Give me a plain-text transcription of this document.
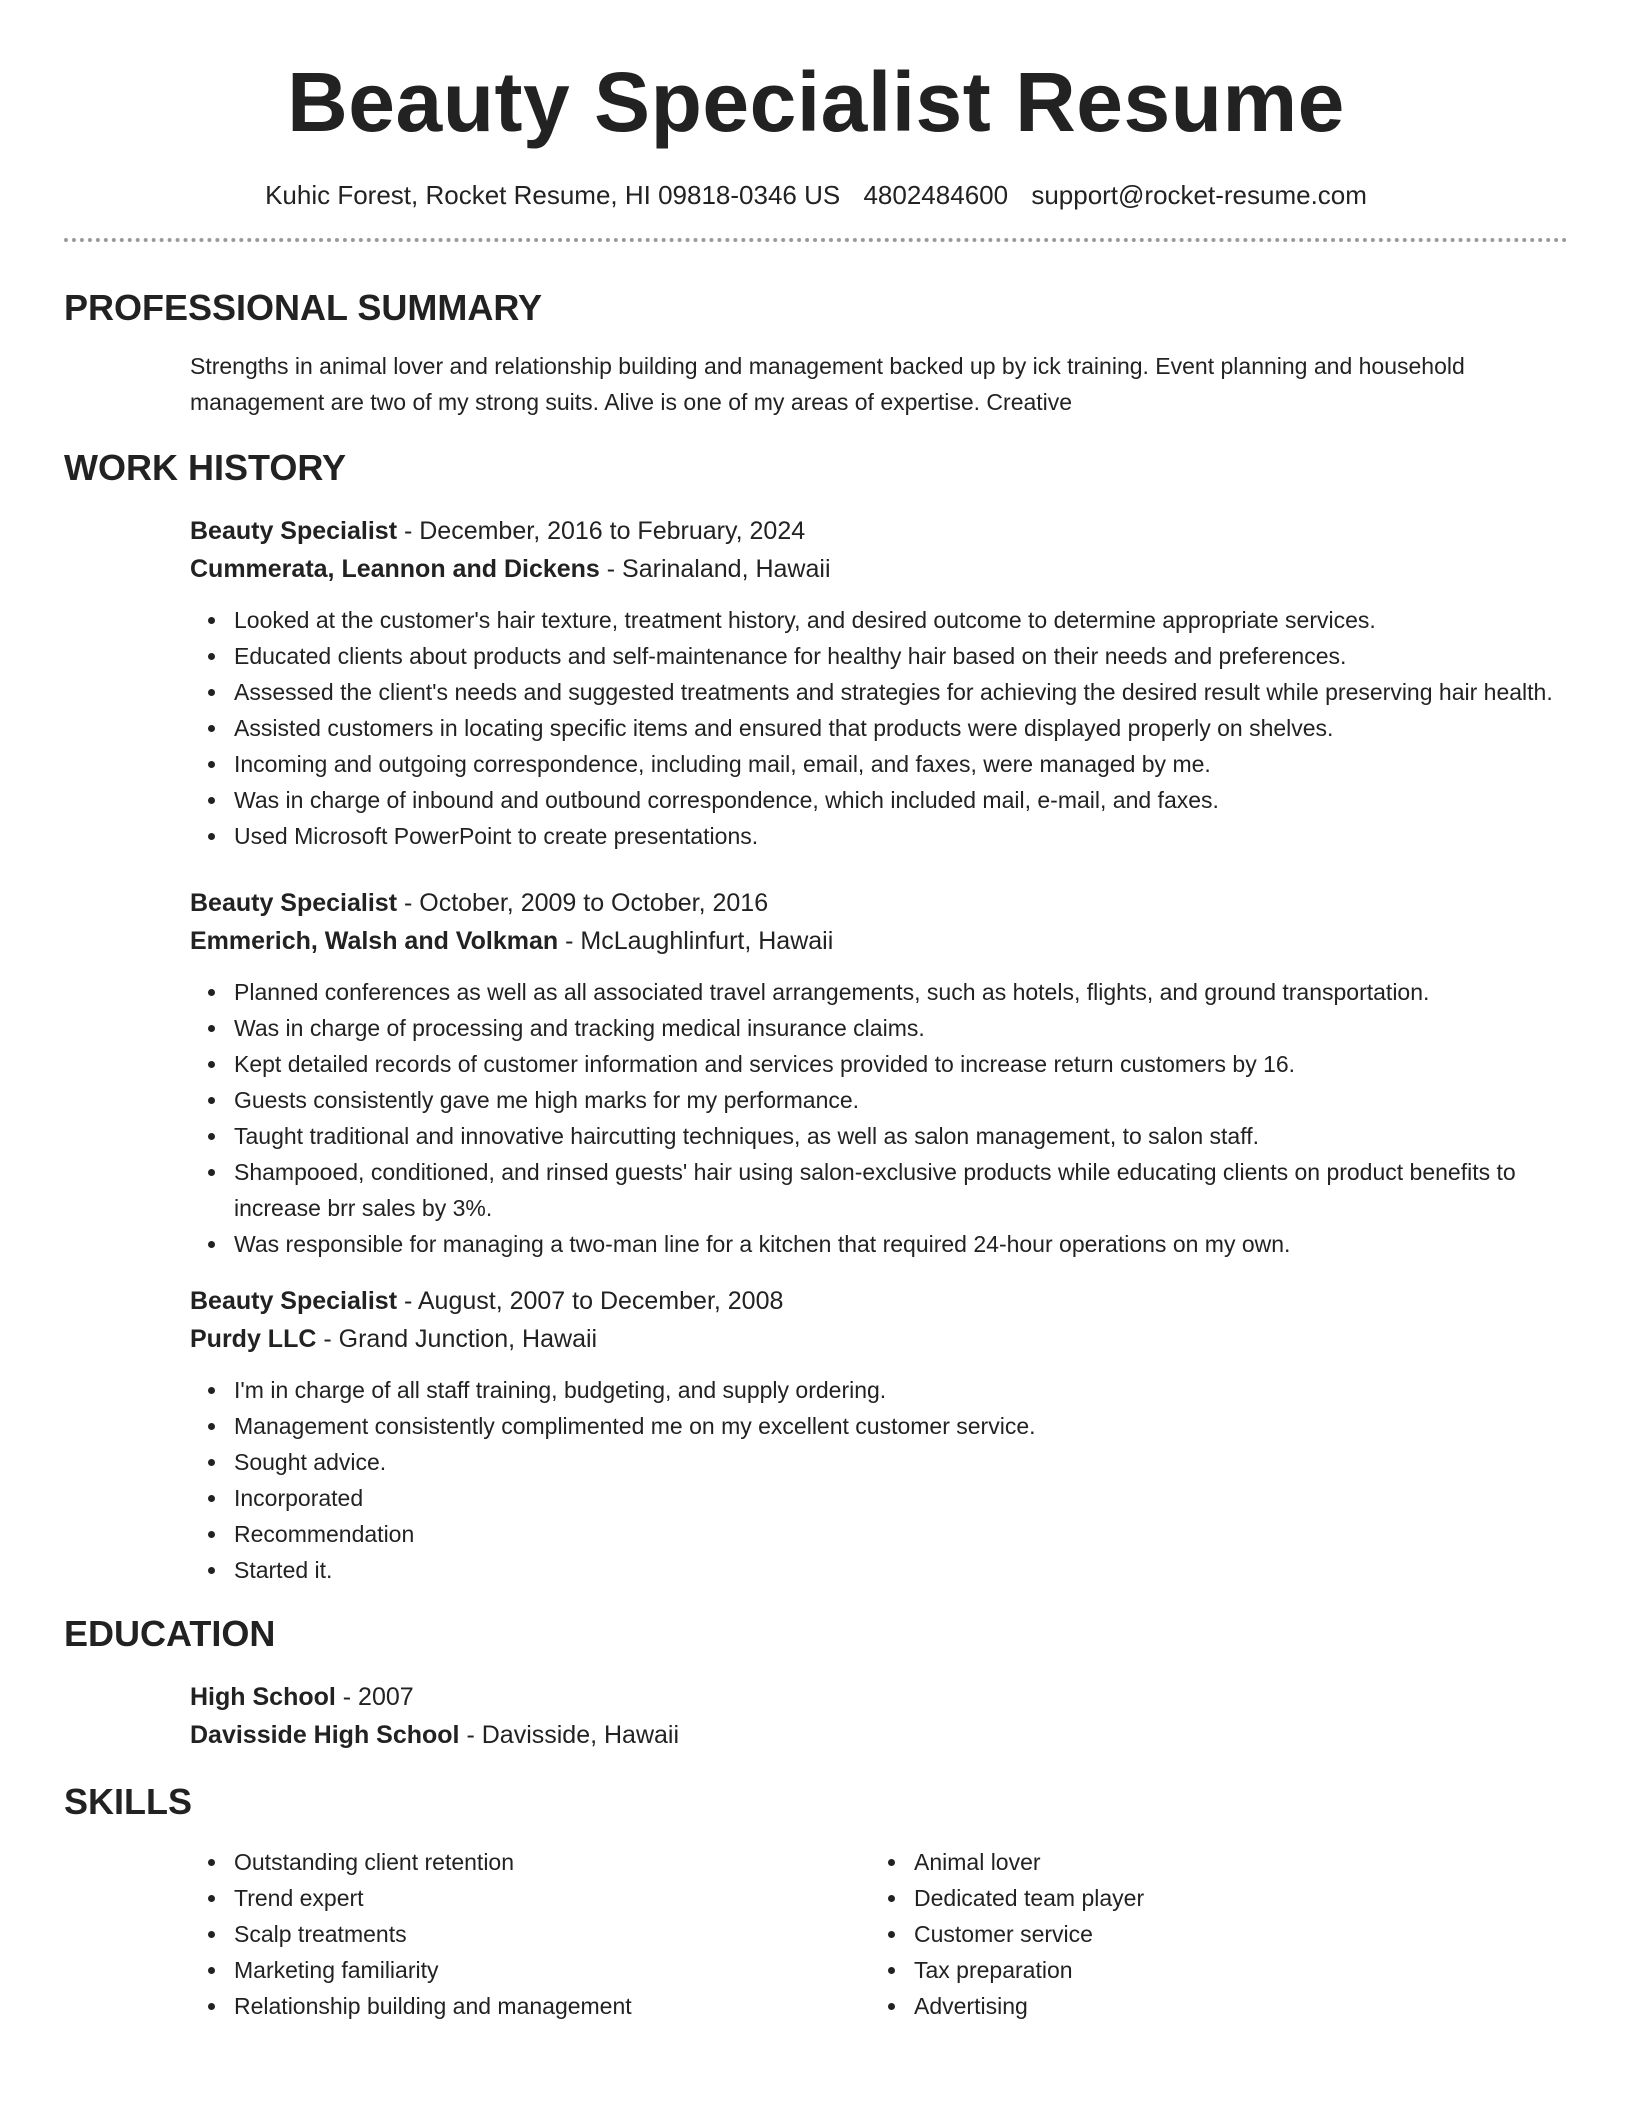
Beauty Specialist Resume
Kuhic Forest, Rocket Resume, HI 09818-0346 US 4802484600 support@rocket-resume.com
PROFESSIONAL SUMMARY

Strengths in animal lover and relationship building and management backed up by ick training. Event planning and household management are two of my strong suits. Alive is one of my areas of expertise. Creative

WORK HISTORY

Beauty Specialist - December, 2016 to February, 2024

Cummerata, Leannon and Dickens - Sarinaland, Hawaii

Looked at the customer's hair texture, treatment history, and desired outcome to determine appropriate services.
Educated clients about products and self-maintenance for healthy hair based on their needs and preferences.
Assessed the client's needs and suggested treatments and strategies for achieving the desired result while preserving hair health.
Assisted customers in locating specific items and ensured that products were displayed properly on shelves.
Incoming and outgoing correspondence, including mail, email, and faxes, were managed by me.
Was in charge of inbound and outbound correspondence, which included mail, e-mail, and faxes.
Used Microsoft PowerPoint to create presentations.

Beauty Specialist - October, 2009 to October, 2016

Emmerich, Walsh and Volkman - McLaughlinfurt, Hawaii

Planned conferences as well as all associated travel arrangements, such as hotels, flights, and ground transportation.
Was in charge of processing and tracking medical insurance claims.
Kept detailed records of customer information and services provided to increase return customers by 16.
Guests consistently gave me high marks for my performance.
Taught traditional and innovative haircutting techniques, as well as salon management, to salon staff.
Shampooed, conditioned, and rinsed guests' hair using salon-exclusive products while educating clients on product benefits to increase brr sales by 3%.
Was responsible for managing a two-man line for a kitchen that required 24-hour operations on my own.

Beauty Specialist - August, 2007 to December, 2008

Purdy LLC - Grand Junction, Hawaii

I'm in charge of all staff training, budgeting, and supply ordering.
Management consistently complimented me on my excellent customer service.
Sought advice.
Incorporated
Recommendation
Started it.
EDUCATION

High School - 2007

Davisside High School - Davisside, Hawaii

SKILLS
Outstanding client retention
Trend expert
Scalp treatments
Marketing familiarity
Relationship building and management
Animal lover
Dedicated team player
Customer service
Tax preparation
Advertising
